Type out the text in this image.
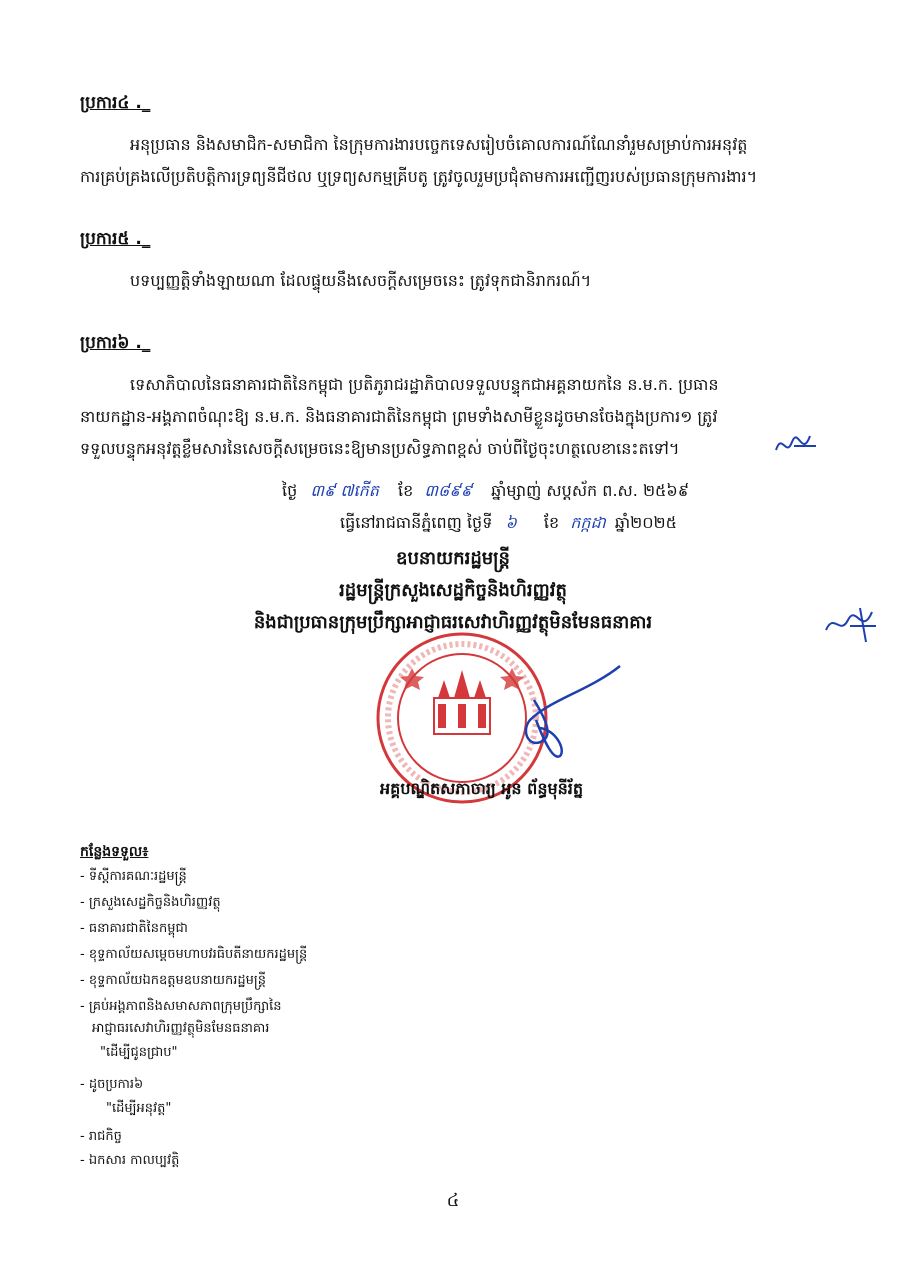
ប្រការ៤ ._
អនុប្រធាន និងសមាជិក-សមាជិកា នៃក្រុមការងារបច្ចេកទេសរៀបចំគោលការណ៍ណែនាំរួមសម្រាប់ការអនុវត្ត
ការគ្រប់គ្រងលើប្រតិបត្តិការទ្រព្យនីជីថល ឬទ្រព្យសកម្មគ្រីបតូ ត្រូវចូលរួមប្រជុំតាមការអញ្ជើញរបស់ប្រធានក្រុមការងារ។
ប្រការ៥ ._
បទប្បញ្ញត្តិទាំងឡាយណា ដែលផ្ទុយនឹងសេចក្តីសម្រេចនេះ ត្រូវទុកជានិរាករណ៍។
ប្រការ៦ ._
ទេសាភិបាលនៃធនាគារជាតិនៃកម្ពុជា ប្រតិភូរាជរដ្ឋាភិបាលទទួលបន្ទុកជាអគ្គនាយកនៃ ន.ម.ក. ប្រធាន
នាយកដ្ឋាន-អង្គភាពចំណុះឱ្យ ន.ម.ក. និងធនាគារជាតិនៃកម្ពុជា ព្រមទាំងសាមីខ្លួនដូចមានចែងក្នុងប្រការ១ ត្រូវ
ទទួលបន្ទុកអនុវត្តខ្លឹមសារនៃសេចក្តីសម្រេចនេះឱ្យមានប្រសិទ្ធភាពខ្ពស់ ចាប់ពីថ្ងៃចុះហត្ថលេខានេះតទៅ។
ថ្ងៃ ៣៩ ៧កើត ខែ ៣៨៩៩ ឆ្នាំម្សាញ់ សប្តស័ក ព.ស. ២៥៦៩
ធ្វើនៅរាជធានីភ្នំពេញ ថ្ងៃទី ៦ ខែ កក្កដា ឆ្នាំ២០២៥
ឧបនាយករដ្ឋមន្ត្រី
រដ្ឋមន្ត្រីក្រសួងសេដ្ឋកិច្ចនិងហិរញ្ញវត្ថុ
និងជាប្រធានក្រុមប្រឹក្សាអាជ្ញាធរសេវាហិរញ្ញវត្ថុមិនមែនធនាគារ
អគ្គបណ្ឌិតសភាចារ្យ អូន ព័ន្ធមុនីរ័ត្ន
កន្លែងទទួល៖
- ទីស្តីការគណៈរដ្ឋមន្ត្រី
- ក្រសួងសេដ្ឋកិច្ចនិងហិរញ្ញវត្ថុ
- ធនាគារជាតិនៃកម្ពុជា
- ខុទ្ទកាល័យសម្តេចមហាបវរធិបតីនាយករដ្ឋមន្ត្រី
- ខុទ្ទកាល័យឯកឧត្តមឧបនាយករដ្ឋមន្ត្រី
- គ្រប់អង្គភាពនិងសមាសភាពក្រុមប្រឹក្សានៃ
អាជ្ញាធរសេវាហិរញ្ញវត្ថុមិនមែនធនាគារ
"ដើម្បីជូនជ្រាប"
- ដូចប្រការ៦
"ដើម្បីអនុវត្ត"
- រាជកិច្ច
- ឯកសារ កាលប្បវត្តិ
៤
